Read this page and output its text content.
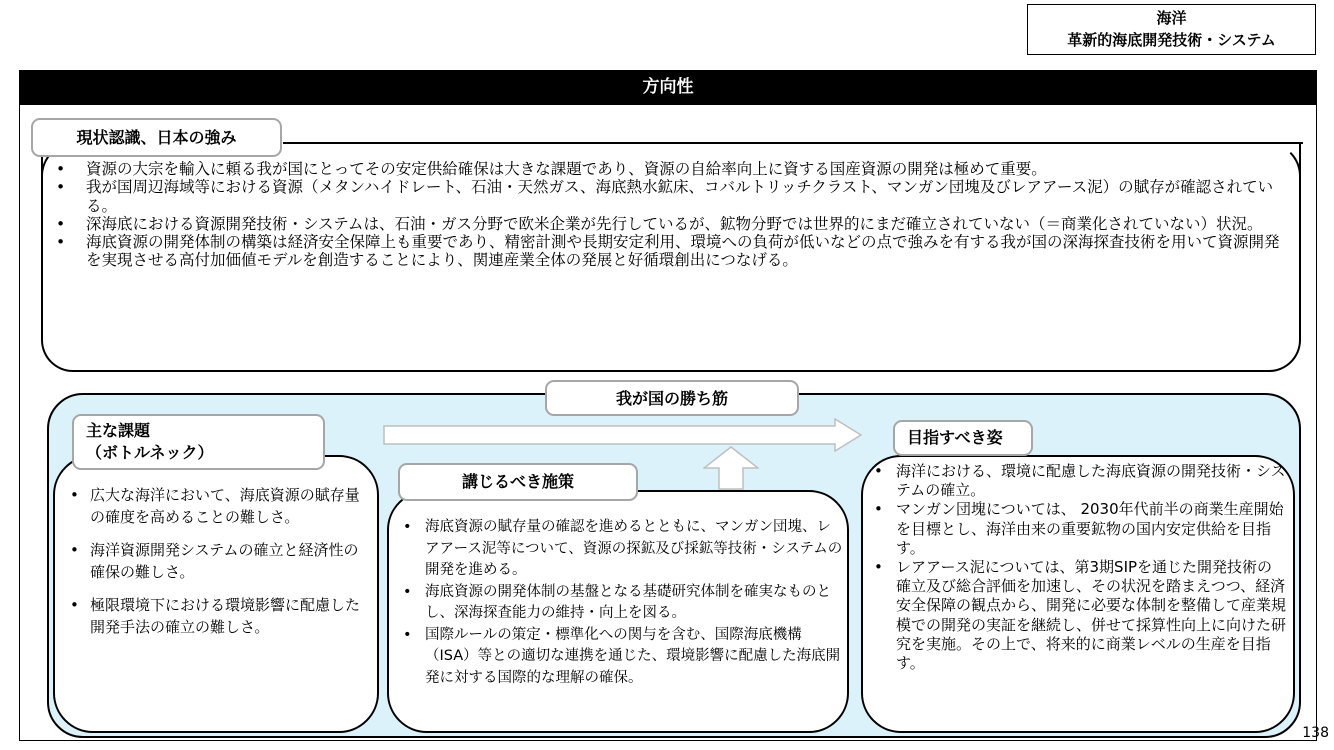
海洋
革新的海底開発技術・システム
方向性
現状認識、日本の強み
• 資源の大宗を輸入に頼る我が国にとってその安定供給確保は大きな課題であり、資源の自給率向上に資する国産資源の開発は極めて重要。
• 我が国周辺海域等における資源（メタンハイドレート、石油・天然ガス、海底熱水鉱床、コバルトリッチクラスト、マンガン団塊及びレアアース泥）の賦存が確認されている。
• 深海底における資源開発技術・システムは、石油・ガス分野で欧米企業が先行しているが、鉱物分野では世界的にまだ確立されていない（＝商業化されていない）状況。
• 海底資源の開発体制の構築は経済安全保障上も重要であり、精密計測や長期安定利用、環境への負荷が低いなどの点で強みを有する我が国の深海探査技術を用いて資源開発を実現させる高付加価値モデルを創造することにより、関連産業全体の発展と好循環創出につなげる。
我が国の勝ち筋
主な課題
（ボトルネック）
講じるべき施策
目指すべき姿
• 広大な海洋において、海底資源の賦存量の確度を高めることの難しさ。
• 海洋資源開発システムの確立と経済性の確保の難しさ。
• 極限環境下における環境影響に配慮した開発手法の確立の難しさ。
• 海底資源の賦存量の確認を進めるとともに、マンガン団塊、レアアース泥等について、資源の探鉱及び採鉱等技術・システムの開発を進める。
• 海底資源の開発体制の基盤となる基礎研究体制を確実なものとし、深海探査能力の維持・向上を図る。
• 国際ルールの策定・標準化への関与を含む、国際海底機構（ISA）等との適切な連携を通じた、環境影響に配慮した海底開発に対する国際的な理解の確保。
• 海洋における、環境に配慮した海底資源の開発技術・システムの確立。
• マンガン団塊については、 2030年代前半の商業生産開始を目標とし、海洋由来の重要鉱物の国内安定供給を目指す。
• レアアース泥については、第3期SIPを通じた開発技術の確立及び総合評価を加速し、その状況を踏まえつつ、経済安全保障の観点から、開発に必要な体制を整備して産業規模での開発の実証を継続し、併せて採算性向上に向けた研究を実施。その上で、将来的に商業レベルの生産を目指す。
138
